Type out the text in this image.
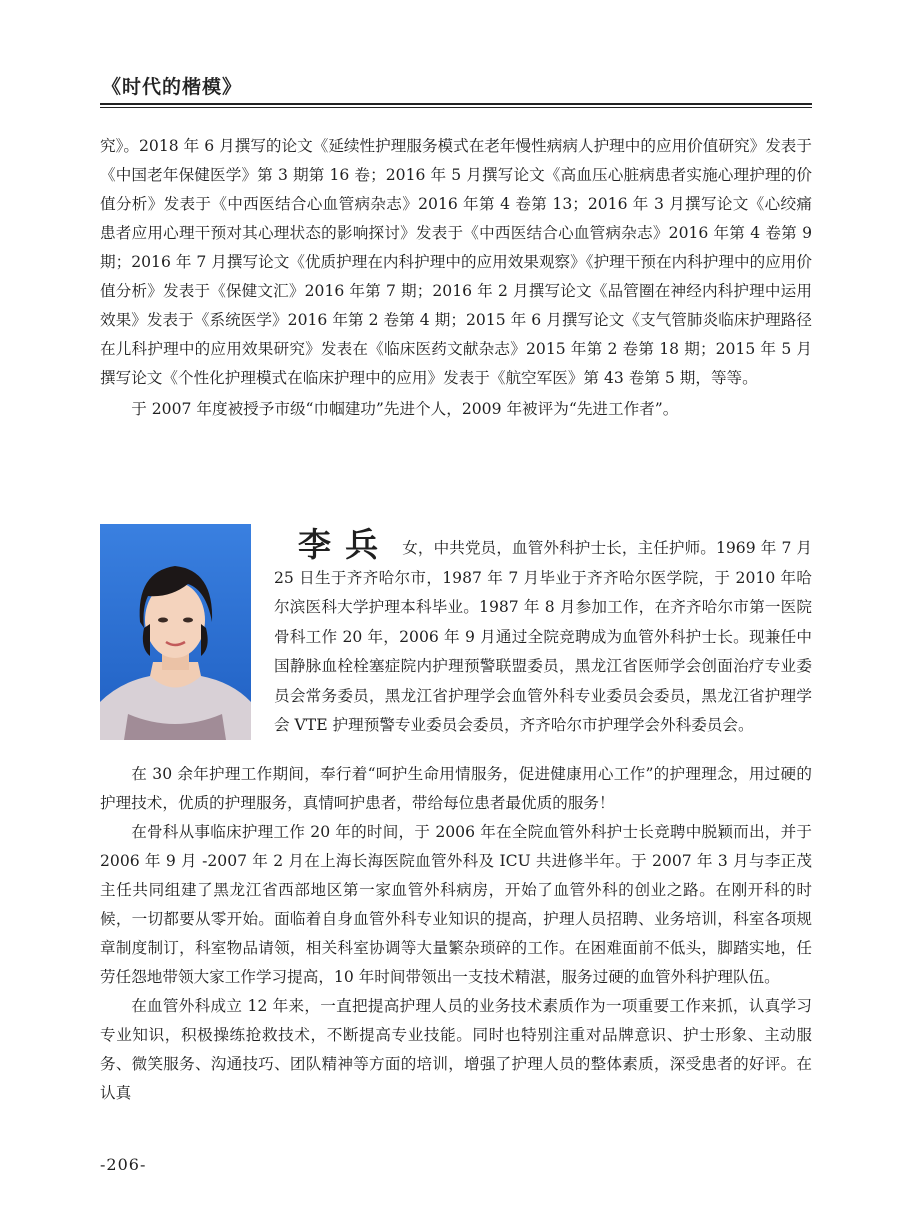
《时代的楷模》

究》。2018 年 6 月撰写的论文《延续性护理服务模式在老年慢性病病人护理中的应用价值研究》发表于《中国老年保健医学》第 3 期第 16 卷；2016 年 5 月撰写论文《高血压心脏病患者实施心理护理的价值分析》发表于《中西医结合心血管病杂志》2016 年第 4 卷第 13；2016 年 3 月撰写论文《心绞痛患者应用心理干预对其心理状态的影响探讨》发表于《中西医结合心血管病杂志》2016 年第 4 卷第 9 期；2016 年 7 月撰写论文《优质护理在内科护理中的应用效果观察》《护理干预在内科护理中的应用价值分析》发表于《保健文汇》2016 年第 7 期；2016 年 2 月撰写论文《品管圈在神经内科护理中运用效果》发表于《系统医学》2016 年第 2 卷第 4 期；2015 年 6 月撰写论文《支气管肺炎临床护理路径在儿科护理中的应用效果研究》发表在《临床医药文献杂志》2015 年第 2 卷第 18 期；2015 年 5 月撰写论文《个性化护理模式在临床护理中的应用》发表于《航空军医》第 43 卷第 5 期，等等。

于 2007 年度被授予市级“巾帼建功”先进个人，2009 年被评为“先进工作者”。

李兵 女，中共党员，血管外科护士长，主任护师。1969 年 7 月 25 日生于齐齐哈尔市，1987 年 7 月毕业于齐齐哈尔医学院，于 2010 年哈尔滨医科大学护理本科毕业。1987 年 8 月参加工作，在齐齐哈尔市第一医院骨科工作 20 年，2006 年 9 月通过全院竞聘成为血管外科护士长。现兼任中国静脉血栓栓塞症院内护理预警联盟委员，黑龙江省医师学会创面治疗专业委员会常务委员，黑龙江省护理学会血管外科专业委员会委员，黑龙江省护理学会 VTE 护理预警专业委员会委员，齐齐哈尔市护理学会外科委员会。

在 30 余年护理工作期间，奉行着“呵护生命用情服务，促进健康用心工作”的护理理念，用过硬的护理技术，优质的护理服务，真情呵护患者，带给每位患者最优质的服务！

在骨科从事临床护理工作 20 年的时间，于 2006 年在全院血管外科护士长竞聘中脱颖而出，并于 2006 年 9 月 -2007 年 2 月在上海长海医院血管外科及 ICU 共进修半年。于 2007 年 3 月与李正茂主任共同组建了黑龙江省西部地区第一家血管外科病房，开始了血管外科的创业之路。在刚开科的时候，一切都要从零开始。面临着自身血管外科专业知识的提高，护理人员招聘、业务培训，科室各项规章制度制订，科室物品请领，相关科室协调等大量繁杂琐碎的工作。在困难面前不低头，脚踏实地，任劳任怨地带领大家工作学习提高，10 年时间带领出一支技术精湛，服务过硬的血管外科护理队伍。

在血管外科成立 12 年来，一直把提高护理人员的业务技术素质作为一项重要工作来抓，认真学习专业知识，积极操练抢救技术，不断提高专业技能。同时也特别注重对品牌意识、护士形象、主动服务、微笑服务、沟通技巧、团队精神等方面的培训，增强了护理人员的整体素质，深受患者的好评。在认真

-206-
